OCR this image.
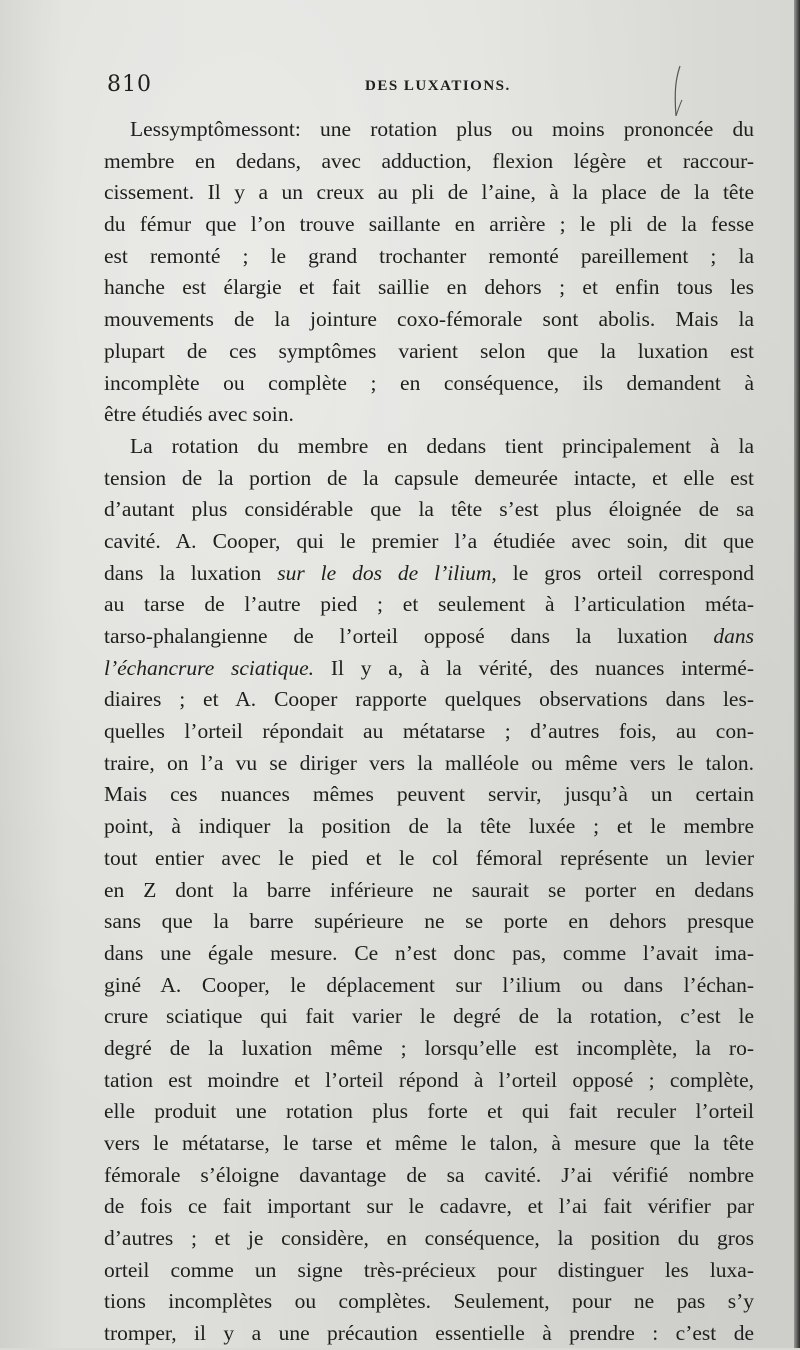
810	DES LUXATIONS.
Lessymptômessont: une rotation plus ou moins prononcée du
membre en dedans, avec adduction, flexion légère et raccour-
cissement. Il y a un creux au pli de l’aine, à la place de la tête
du fémur que l’on trouve saillante en arrière ; le pli de la fesse
est remonté ; le grand trochanter remonté pareillement ; la
hanche est élargie et fait saillie en dehors ; et enfin tous les
mouvements de la jointure coxo-fémorale sont abolis. Mais la
plupart de ces symptômes varient selon que la luxation est
incomplète ou complète ; en conséquence, ils demandent à
être étudiés avec soin.
La rotation du membre en dedans tient principalement à la
tension de la portion de la capsule demeurée intacte, et elle est
d’autant plus considérable que la tête s’est plus éloignée de sa
cavité. A. Cooper, qui le premier l’a étudiée avec soin, dit que
dans la luxation sur le dos de l’ilium, le gros orteil correspond
au tarse de l’autre pied ; et seulement à l’articulation méta-
tarso-phalangienne de l’orteil opposé dans la luxation dans
l’échancrure sciatique. Il y a, à la vérité, des nuances intermé-
diaires ; et A. Cooper rapporte quelques observations dans les-
quelles l’orteil répondait au métatarse ; d’autres fois, au con-
traire, on l’a vu se diriger vers la malléole ou même vers le talon.
Mais ces nuances mêmes peuvent servir, jusqu’à un certain
point, à indiquer la position de la tête luxée ; et le membre
tout entier avec le pied et le col fémoral représente un levier
en Z dont la barre inférieure ne saurait se porter en dedans
sans que la barre supérieure ne se porte en dehors presque
dans une égale mesure. Ce n’est donc pas, comme l’avait ima-
giné A. Cooper, le déplacement sur l’ilium ou dans l’échan-
crure sciatique qui fait varier le degré de la rotation, c’est le
degré de la luxation même ; lorsqu’elle est incomplète, la ro-
tation est moindre et l’orteil répond à l’orteil opposé ; complète,
elle produit une rotation plus forte et qui fait reculer l’orteil
vers le métatarse, le tarse et même le talon, à mesure que la tête
fémorale s’éloigne davantage de sa cavité. J’ai vérifié nombre
de fois ce fait important sur le cadavre, et l’ai fait vérifier par
d’autres ; et je considère, en conséquence, la position du gros
orteil comme un signe très-précieux pour distinguer les luxa-
tions incomplètes ou complètes. Seulement, pour ne pas s’y
tromper, il y a une précaution essentielle à prendre : c’est de
